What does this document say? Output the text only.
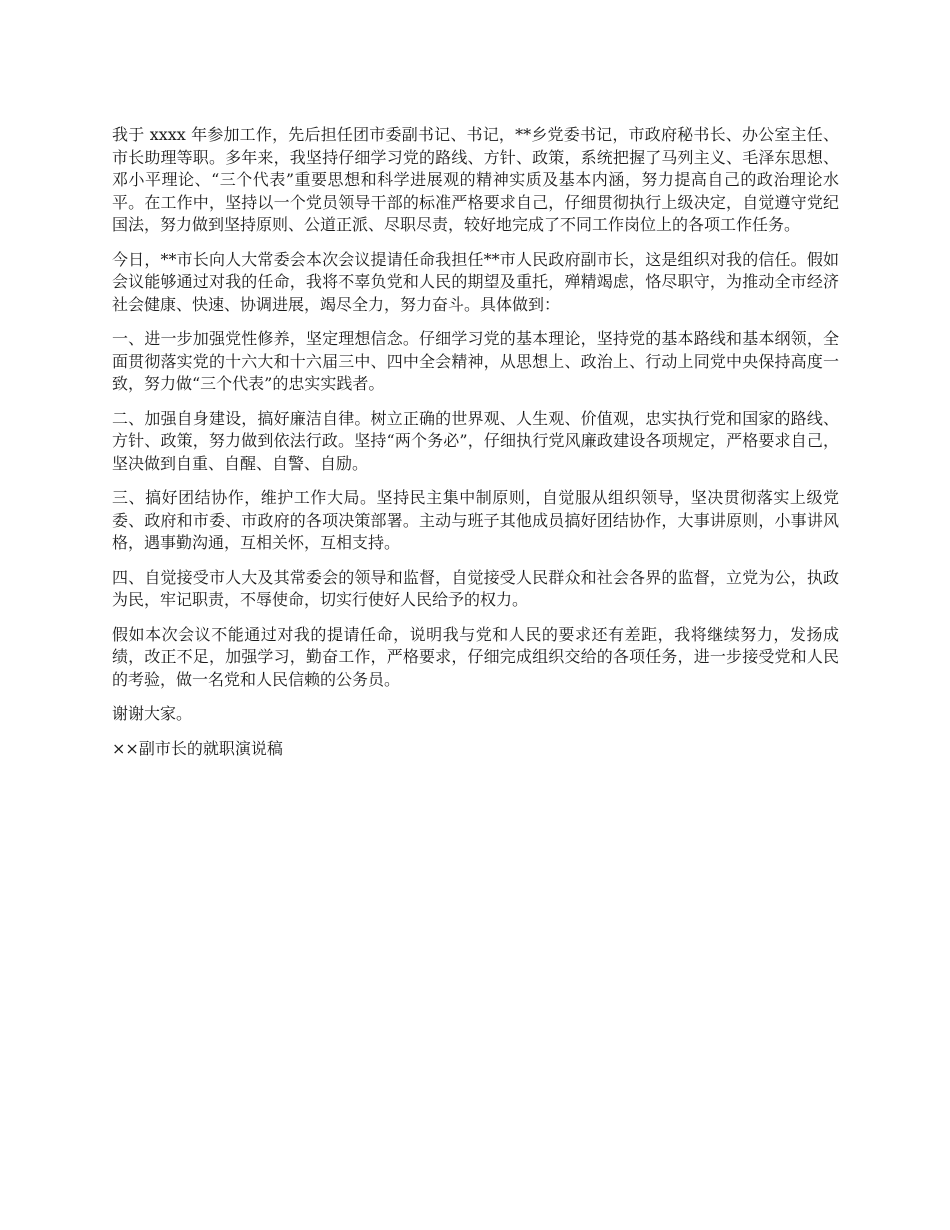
我于 xxxx 年参加工作，先后担任团市委副书记、书记，**乡党委书记，市政府秘书长、办公室主任、市长助理等职。多年来，我坚持仔细学习党的路线、方针、政策，系统把握了马列主义、毛泽东思想、邓小平理论、“三个代表”重要思想和科学进展观的精神实质及基本内涵，努力提高自己的政治理论水平。在工作中，坚持以一个党员领导干部的标准严格要求自己，仔细贯彻执行上级决定，自觉遵守党纪国法，努力做到坚持原则、公道正派、尽职尽责，较好地完成了不同工作岗位上的各项工作任务。

今日，**市长向人大常委会本次会议提请任命我担任**市人民政府副市长，这是组织对我的信任。假如会议能够通过对我的任命，我将不辜负党和人民的期望及重托，殚精竭虑，恪尽职守，为推动全市经济社会健康、快速、协调进展，竭尽全力，努力奋斗。具体做到：

一、进一步加强党性修养，坚定理想信念。仔细学习党的基本理论，坚持党的基本路线和基本纲领，全面贯彻落实党的十六大和十六届三中、四中全会精神，从思想上、政治上、行动上同党中央保持高度一致，努力做“三个代表”的忠实实践者。

二、加强自身建设，搞好廉洁自律。树立正确的世界观、人生观、价值观，忠实执行党和国家的路线、方针、政策，努力做到依法行政。坚持“两个务必”，仔细执行党风廉政建设各项规定，严格要求自己，坚决做到自重、自醒、自警、自励。

三、搞好团结协作，维护工作大局。坚持民主集中制原则，自觉服从组织领导，坚决贯彻落实上级党委、政府和市委、市政府的各项决策部署。主动与班子其他成员搞好团结协作，大事讲原则，小事讲风格，遇事勤沟通，互相关怀，互相支持。

四、自觉接受市人大及其常委会的领导和监督，自觉接受人民群众和社会各界的监督，立党为公，执政为民，牢记职责，不辱使命，切实行使好人民给予的权力。

假如本次会议不能通过对我的提请任命，说明我与党和人民的要求还有差距，我将继续努力，发扬成绩，改正不足，加强学习，勤奋工作，严格要求，仔细完成组织交给的各项任务，进一步接受党和人民的考验，做一名党和人民信赖的公务员。

谢谢大家。

××副市长的就职演说稿
